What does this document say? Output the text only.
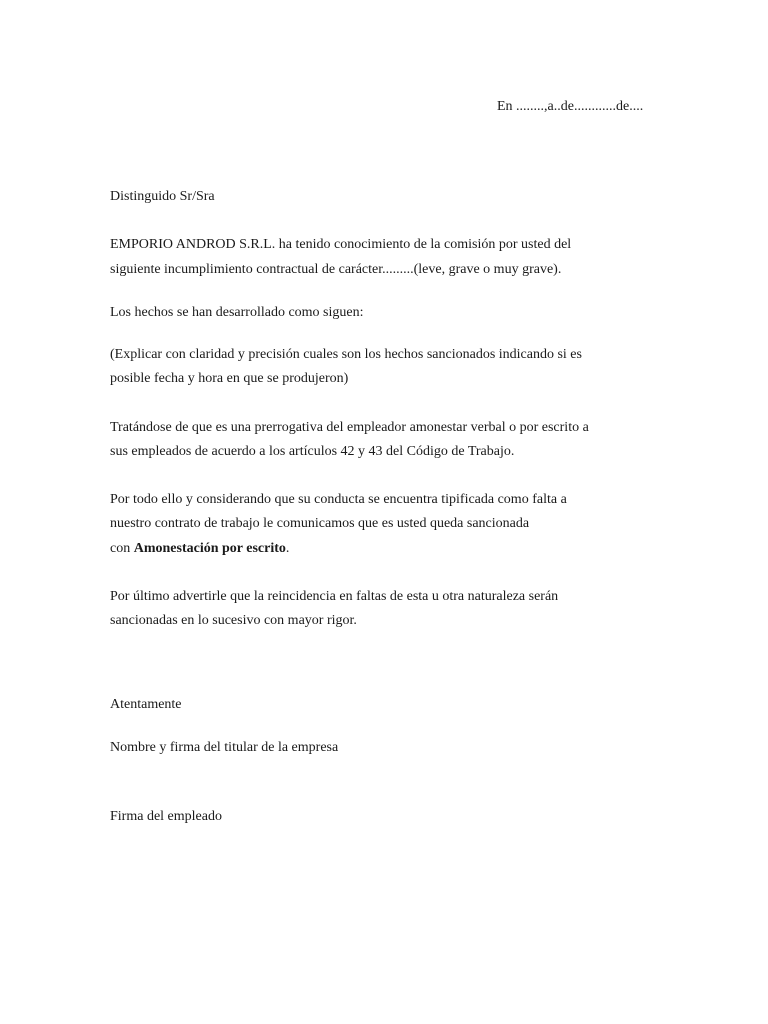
En ........,a..de............de....
Distinguido Sr/Sra
EMPORIO ANDROD S.R.L. ha tenido conocimiento de la comisión por usted del
siguiente incumplimiento contractual de carácter.........(leve, grave o muy grave).
Los hechos se han desarrollado como siguen:
(Explicar con claridad y precisión cuales son los hechos sancionados indicando si es
posible fecha y hora en que se produjeron)
Tratándose de que es una prerrogativa del empleador amonestar verbal o por escrito a
sus empleados de acuerdo a los artículos 42 y 43 del Código de Trabajo.
Por todo ello y considerando que su conducta se encuentra tipificada como falta a
nuestro contrato de trabajo le comunicamos que es usted queda sancionada
con Amonestación por escrito.
Por último advertirle que la reincidencia en faltas de esta u otra naturaleza serán
sancionadas en lo sucesivo con mayor rigor.
Atentamente
Nombre y firma del titular de la empresa
Firma del empleado
